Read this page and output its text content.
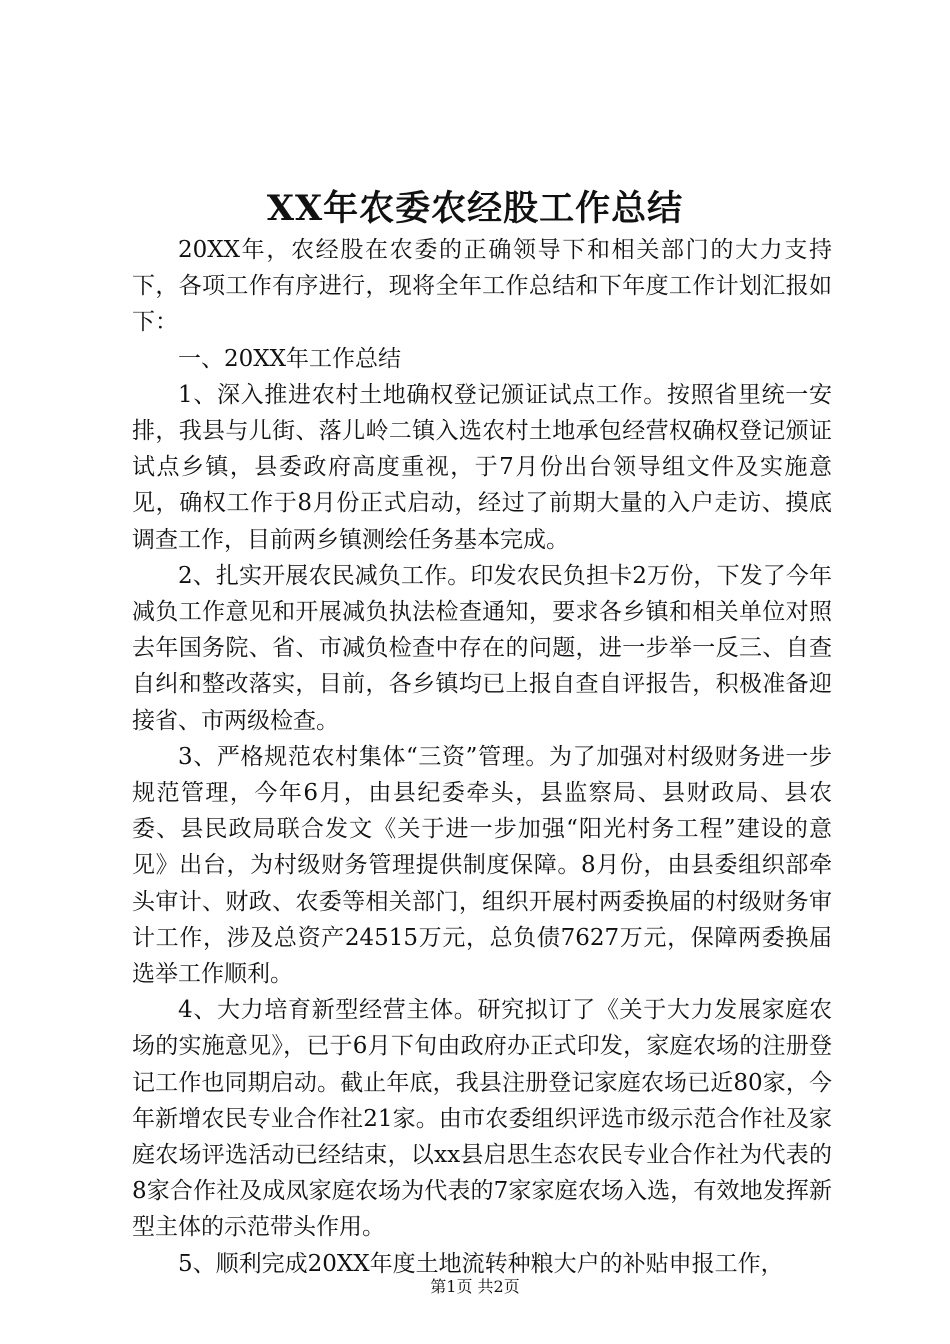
XX年农委农经股工作总结

20XX年，农经股在农委的正确领导下和相关部门的大力支持下，各项工作有序进行，现将全年工作总结和下年度工作计划汇报如下：

一、20XX年工作总结

1、深入推进农村土地确权登记颁证试点工作。按照省里统一安排，我县与儿街、落儿岭二镇入选农村土地承包经营权确权登记颁证试点乡镇，县委政府高度重视，于7月份出台领导组文件及实施意见，确权工作于8月份正式启动，经过了前期大量的入户走访、摸底调查工作，目前两乡镇测绘任务基本完成。

2、扎实开展农民减负工作。印发农民负担卡2万份，下发了今年减负工作意见和开展减负执法检查通知，要求各乡镇和相关单位对照去年国务院、省、市减负检查中存在的问题，进一步举一反三、自查自纠和整改落实，目前，各乡镇均已上报自查自评报告，积极准备迎接省、市两级检查。

3、严格规范农村集体“三资”管理。为了加强对村级财务进一步规范管理，今年6月，由县纪委牵头，县监察局、县财政局、县农委、县民政局联合发文《关于进一步加强“阳光村务工程”建设的意见》出台，为村级财务管理提供制度保障。8月份，由县委组织部牵头审计、财政、农委等相关部门，组织开展村两委换届的村级财务审计工作，涉及总资产24515万元，总负债7627万元，保障两委换届选举工作顺利。

4、大力培育新型经营主体。研究拟订了《关于大力发展家庭农场的实施意见》，已于6月下旬由政府办正式印发，家庭农场的注册登记工作也同期启动。截止年底，我县注册登记家庭农场已近80家，今年新增农民专业合作社21家。由市农委组织评选市级示范合作社及家庭农场评选活动已经结束，以xx县启思生态农民专业合作社为代表的8家合作社及成凤家庭农场为代表的7家家庭农场入选，有效地发挥新型主体的示范带头作用。

5、顺利完成20XX年度土地流转种粮大户的补贴申报工作，

第1页 共2页
